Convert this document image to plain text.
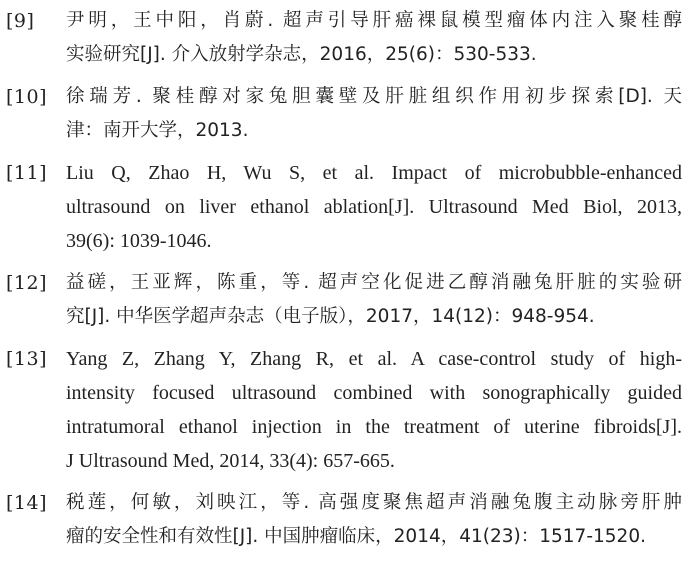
[9]	尹明，王中阳，肖蔚. 超声引导肝癌裸鼠模型瘤体内注入聚桂醇
实验研究[J]. 介入放射学杂志，2016，25(6)：530-533.
[10]	徐瑞芳. 聚桂醇对家兔胆囊壁及肝脏组织作用初步探索[D]. 天
津：南开大学，2013.
[11] Liu Q, Zhao H, Wu S, et al. Impact of microbubble-enhanced
ultrasound on liver ethanol ablation[J]. Ultrasound Med Biol, 2013,
39(6): 1039-1046.
[12]	益磋，王亚辉，陈重，等. 超声空化促进乙醇消融兔肝脏的实验研
究[J]. 中华医学超声杂志（电子版），2017，14(12)：948-954.
[13] Yang Z, Zhang Y, Zhang R, et al. A case-control study of high-
intensity focused ultrasound combined with sonographically guided
intratumoral ethanol injection in the treatment of uterine fibroids[J].
J Ultrasound Med, 2014, 33(4): 657-665.
[14]	税莲，何敏，刘映江，等. 高强度聚焦超声消融兔腹主动脉旁肝肿
瘤的安全性和有效性[J]. 中国肿瘤临床，2014，41(23)：1517-1520.
